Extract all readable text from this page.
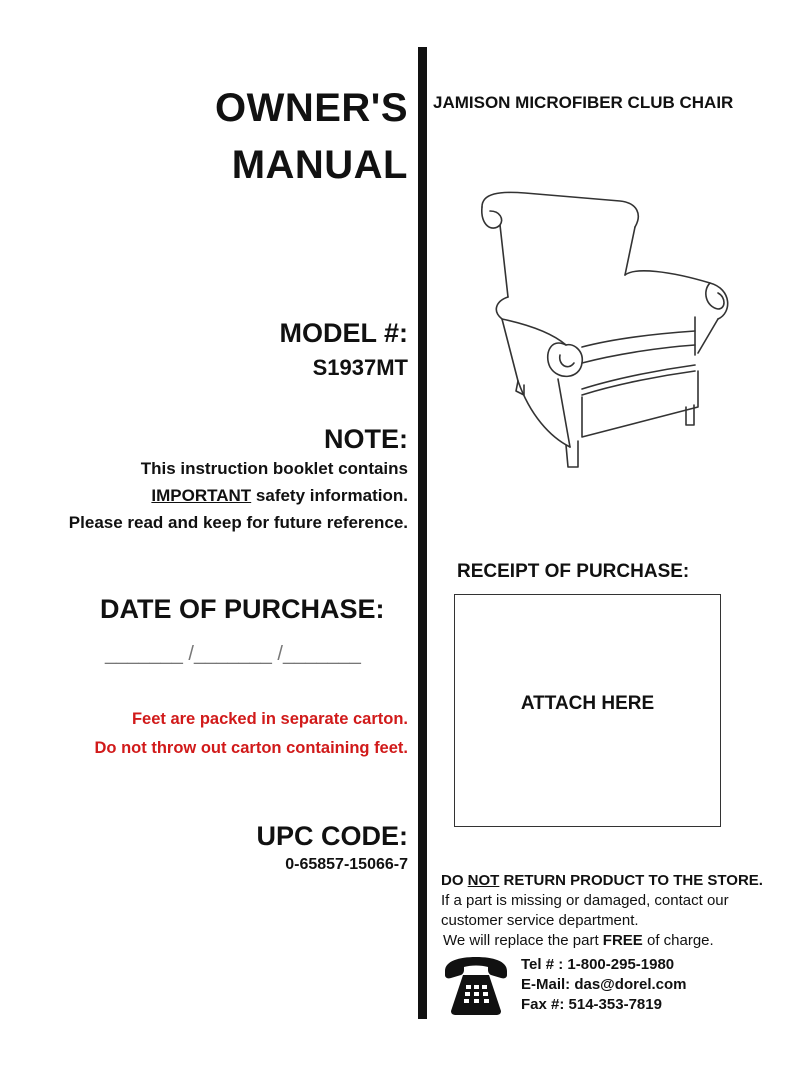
OWNER'S
MANUAL
MODEL #:
S1937MT
NOTE:
This instruction booklet contains
IMPORTANT safety information.
Please read and keep for future reference.
DATE OF PURCHASE:
_______ /_______ /_______
Feet are packed in separate carton.
Do not throw out carton containing feet.
UPC CODE:
0-65857-15066-7
JAMISON MICROFIBER CLUB CHAIR
RECEIPT OF PURCHASE:
ATTACH HERE
DO NOT RETURN PRODUCT TO THE STORE.
If a part is missing or damaged, contact our
customer service department.
We will replace the part FREE of charge.
Tel # : 1-800-295-1980
E-Mail: das@dorel.com
Fax #: 514-353-7819
